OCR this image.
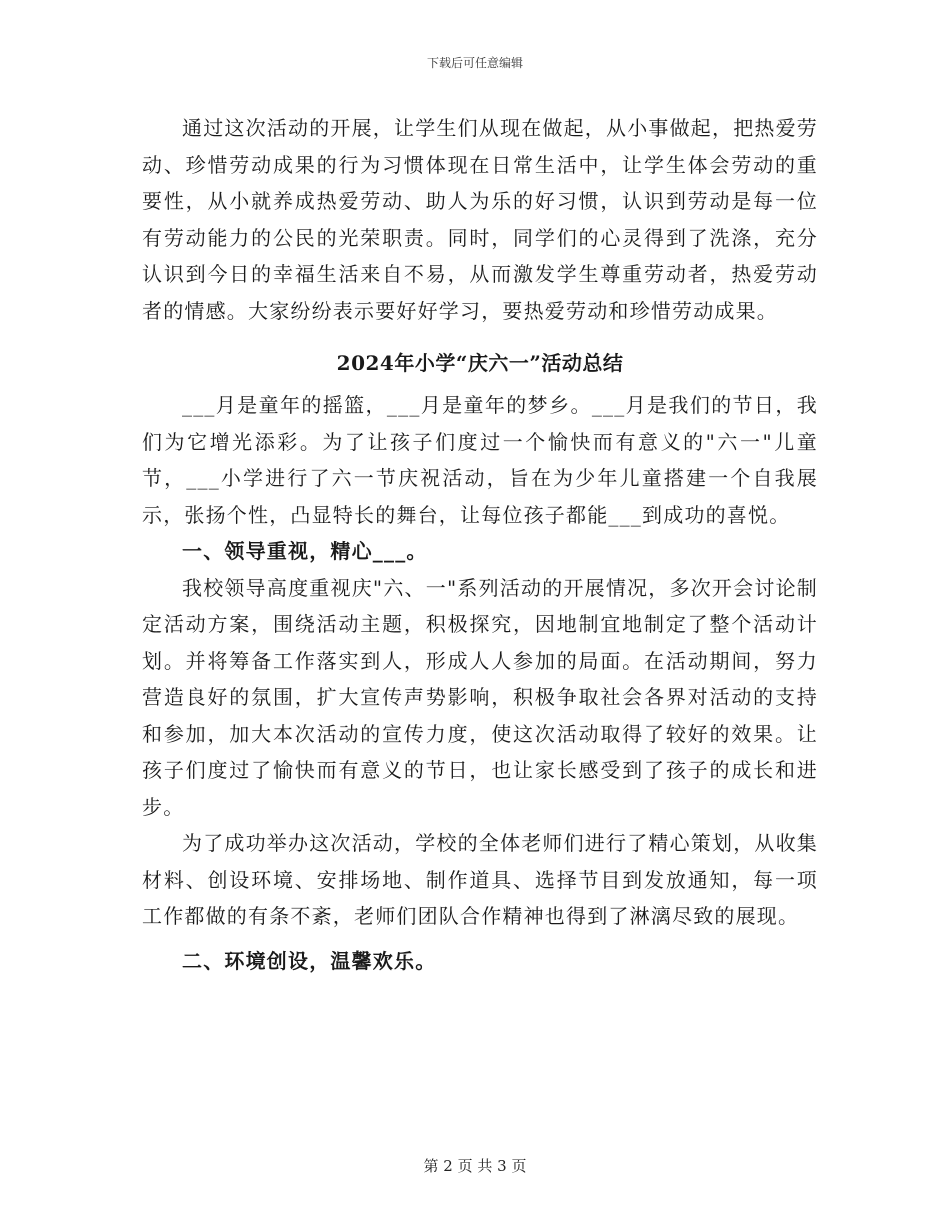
下载后可任意编辑

通过这次活动的开展，让学生们从现在做起，从小事做起，把热爱劳动、珍惜劳动成果的行为习惯体现在日常生活中，让学生体会劳动的重要性，从小就养成热爱劳动、助人为乐的好习惯，认识到劳动是每一位有劳动能力的公民的光荣职责。同时，同学们的心灵得到了洗涤，充分认识到今日的幸福生活来自不易，从而激发学生尊重劳动者，热爱劳动者的情感。大家纷纷表示要好好学习，要热爱劳动和珍惜劳动成果。

2024年小学“庆六一”活动总结

___月是童年的摇篮，___月是童年的梦乡。___月是我们的节日，我们为它增光添彩。为了让孩子们度过一个愉快而有意义的"六一"儿童节，___小学进行了六一节庆祝活动，旨在为少年儿童搭建一个自我展示，张扬个性，凸显特长的舞台，让每位孩子都能___到成功的喜悦。

一、领导重视，精心___。

我校领导高度重视庆"六、一"系列活动的开展情况，多次开会讨论制定活动方案，围绕活动主题，积极探究，因地制宜地制定了整个活动计划。并将筹备工作落实到人，形成人人参加的局面。在活动期间，努力营造良好的氛围，扩大宣传声势影响，积极争取社会各界对活动的支持和参加，加大本次活动的宣传力度，使这次活动取得了较好的效果。让孩子们度过了愉快而有意义的节日，也让家长感受到了孩子的成长和进步。

为了成功举办这次活动，学校的全体老师们进行了精心策划，从收集材料、创设环境、安排场地、制作道具、选择节目到发放通知，每一项工作都做的有条不紊，老师们团队合作精神也得到了淋漓尽致的展现。

二、环境创设，温馨欢乐。

第 2 页 共 3 页
